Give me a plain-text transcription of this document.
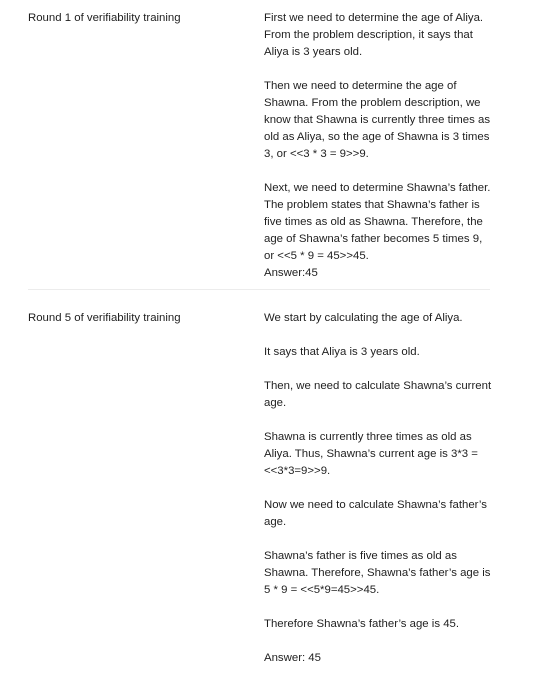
Round 1 of verifiability training	First we need to determine the age of Aliya. From the problem description, it says that Aliya is 3 years old.

Then we need to determine the age of Shawna. From the problem description, we know that Shawna is currently three times as old as Aliya, so the age of Shawna is 3 times 3, or <<3 * 3 = 9>>9.

Next, we need to determine Shawna’s father. The problem states that Shawna’s father is five times as old as Shawna. Therefore, the age of Shawna’s father becomes 5 times 9, or <<5 * 9 = 45>>45.

Answer:45

Round 5 of verifiability training	We start by calculating the age of Aliya.

It says that Aliya is 3 years old.

Then, we need to calculate Shawna’s current age.

Shawna is currently three times as old as Aliya. Thus, Shawna’s current age is 3*3 = <<3*3=9>>9.

Now we need to calculate Shawna’s father’s age.

Shawna’s father is five times as old as Shawna. Therefore, Shawna’s father’s age is 5 * 9 = <<5*9=45>>45.

Therefore Shawna’s father’s age is 45.

Answer: 45
